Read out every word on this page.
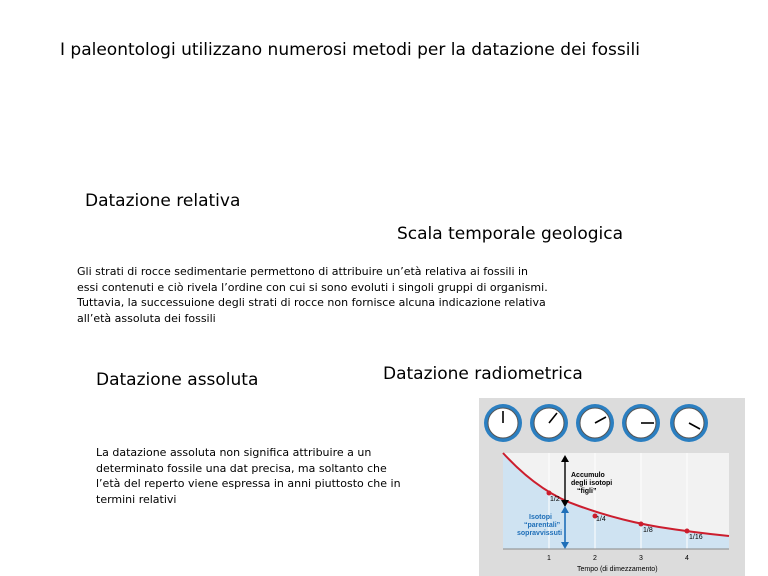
I paleontologi utilizzano numerosi metodi per la datazione dei fossili
Datazione relativa
Scala temporale geologica
Gli strati di rocce sedimentarie permettono di attribuire un’età relativa ai fossili in
essi contenuti e ciò rivela l’ordine con cui si sono evoluti i singoli gruppi di organismi.
Tuttavia, la successuione degli strati di rocce non fornisce alcuna indicazione relativa
all’età assoluta dei fossili
Datazione assoluta	Datazione radiometrica
La datazione assoluta non significa attribuire a un
determinato fossile una dat precisa, ma soltanto che
l’età del reperto viene espressa in anni piuttosto che in
termini relativi
Accumulo degli isotopi “figli”
Isotopi “parentali” sopravvissuti
1/2
1/4
1/8
1/16
1	2	3	4
Tempo (di dimezzamento)
